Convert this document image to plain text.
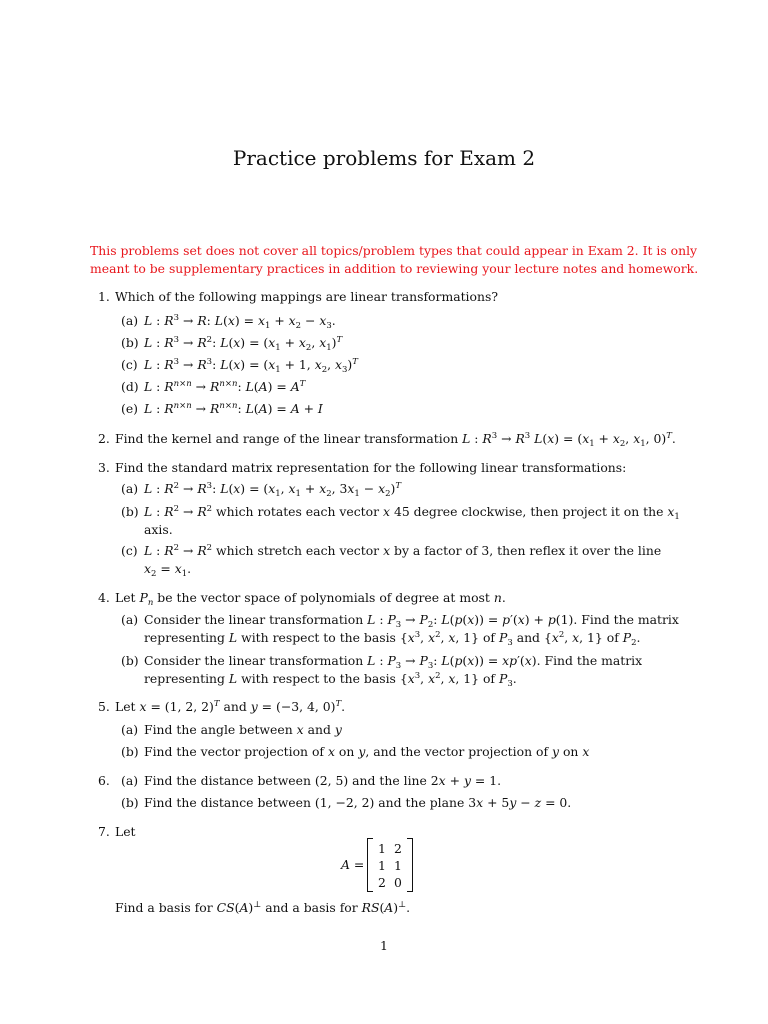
Practice problems for Exam 2
This problems set does not cover all topics/problem types that could appear in Exam 2. It is only
meant to be supplementary practices in addition to reviewing your lecture notes and homework.
1. Which of the following mappings are linear transformations?
(a) L : $R^3 \to R$: $L(x) = x_1 + x_2 - x_3$.
(b) L : $R^3 \to R^2$: $L(x) = (x_1 + x_2$, $x_1)^T$
(c) L : $R^3 \to R^3$: $L(x) = (x_1 + 1$, $x_2$, $x_3)^T$
(d) L : $R^{n\times n} \to R^{n\times n}$: $L(A) = A^T$
(e) L : $R^{n\times n} \to R^{n\times n}$: L(A) = A + I
2. Find the kernel and range of the linear transformation L : $R^3 \to R^3$ $L(x) = (x_1 + x_2$, $x_1$, 0)$^T$.
3. Find the standard matrix representation for the following linear transformations:
(a) L : $R^2 \to R^3$: $L(x) = (x_1$, $x_1 + x_2$, $3x_1 - x_2)^T$
(b) L : $R^2 \to R^2$ which rotates each vector x 45 degree clockwise, then project it on the $x_1$
axis.
(c) L : $R^2 \to R^2$ which stretch each vector x by a factor of 3, then reflex it over the line
$x_2 = x_1$.
4. Let $P_n$ be the vector space of polynomials of degree at most n.
(a) Consider the linear transformation L : $P_3 \to P_2$: L(p(x)) = p′(x) + p(1). Find the matrix
representing L with respect to the basis {$x^3$, $x^2$, x, 1} of $P_3$ and {$x^2$, x, 1} of $P_2$.
(b) Consider the linear transformation L : $P_3 \to P_3$: L(p(x)) = xp′(x). Find the matrix
representing L with respect to the basis {$x^3$, $x^2$, x, 1} of $P_3$.
5. Let x = (1, 2, 2)$^T$ and y = (−3, 4, 0)$^T$.
(a) Find the angle between x and y
(b) Find the vector projection of x on y, and the vector projection of y on x
6. (a) Find the distance between (2, 5) and the line 2x + y = 1.
(b) Find the distance between (1, −2, 2) and the plane 3x + 5y − z = 0.
7. Let
A =
1 2
1 1
2 0
Find a basis for CS(A)⊥ and a basis for RS(A)⊥.
1
